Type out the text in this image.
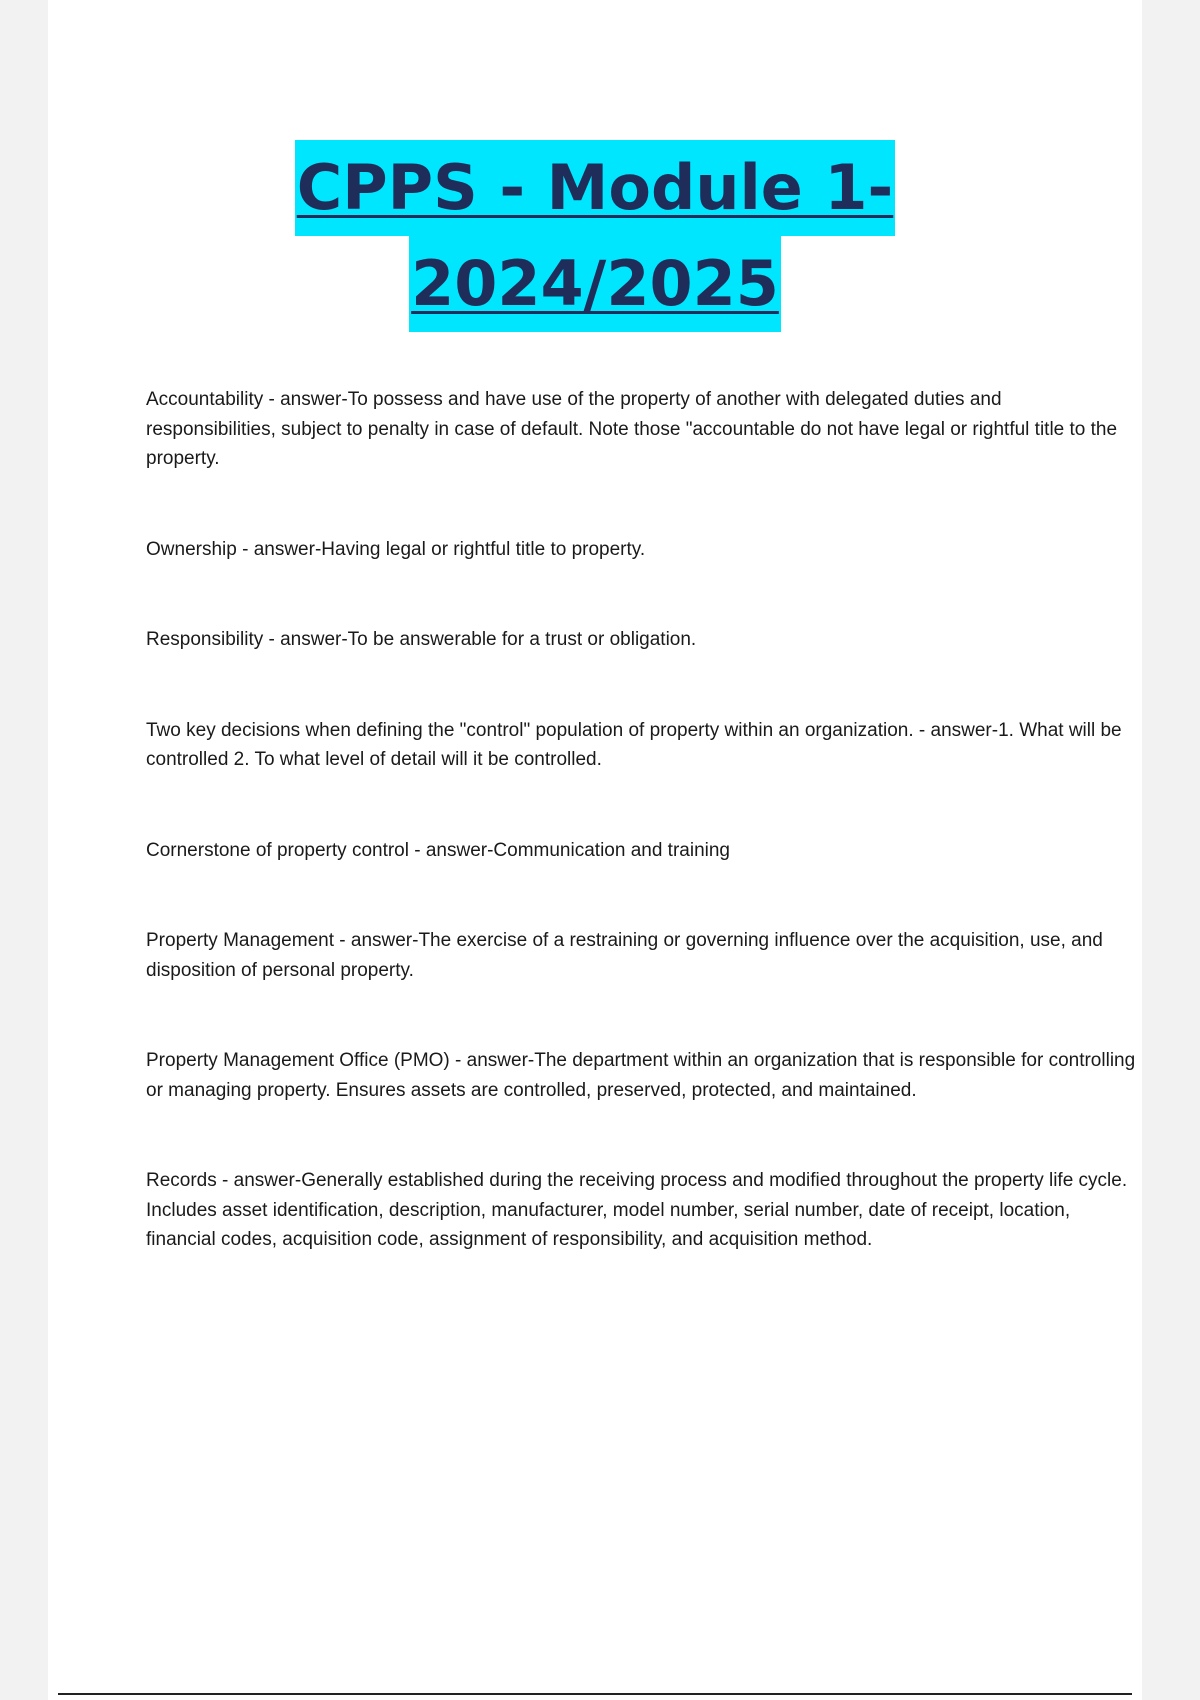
CPPS - Module 1-
2024/2025

Accountability - answer-To possess and have use of the property of another with delegated duties and responsibilities, subject to penalty in case of default. Note those "accountable do not have legal or rightful title to the property.

Ownership - answer-Having legal or rightful title to property.

Responsibility - answer-To be answerable for a trust or obligation.

Two key decisions when defining the "control" population of property within an organization. - answer-1. What will be controlled 2. To what level of detail will it be controlled.

Cornerstone of property control - answer-Communication and training

Property Management - answer-The exercise of a restraining or governing influence over the acquisition, use, and disposition of personal property.

Property Management Office (PMO) - answer-The department within an organization that is responsible for controlling or managing property. Ensures assets are controlled, preserved, protected, and maintained.

Records - answer-Generally established during the receiving process and modified throughout the property life cycle. Includes asset identification, description, manufacturer, model number, serial number, date of receipt, location, financial codes, acquisition code, assignment of responsibility, and acquisition method.
